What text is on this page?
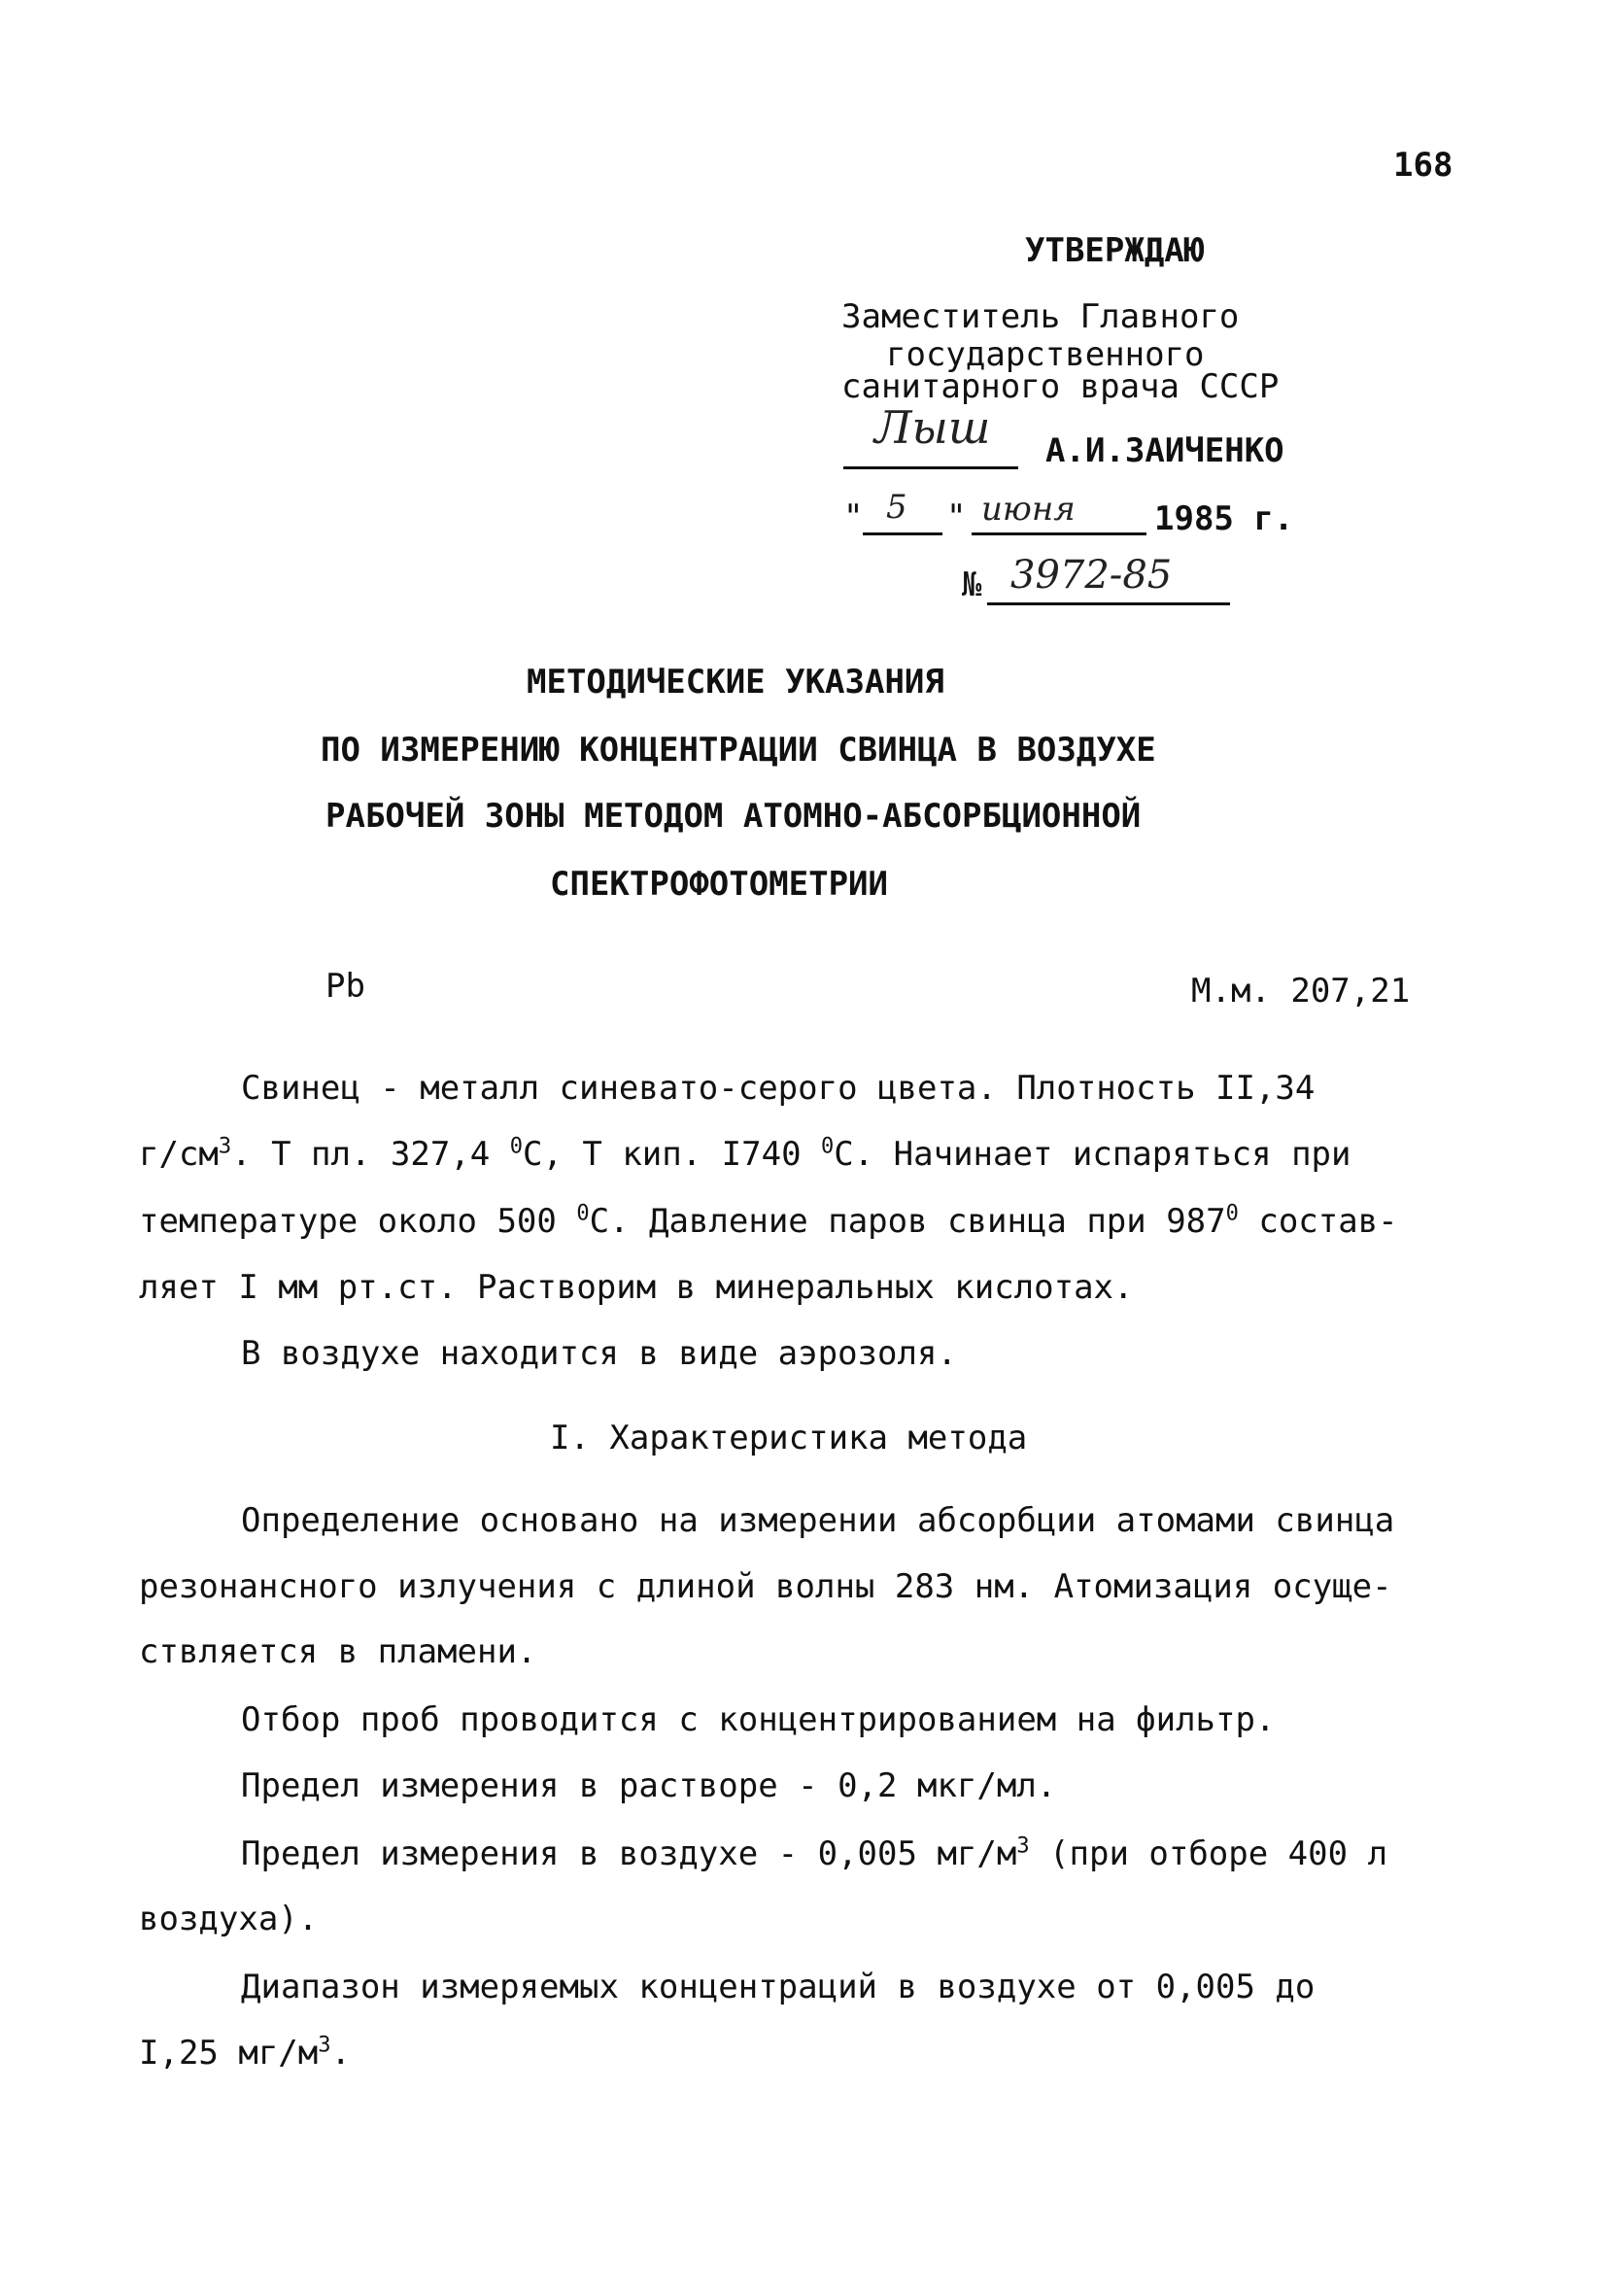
168
УТВЕРЖДАЮ
Заместитель Главного
государственного
санитарного врача СССР
Лыш А.И.ЗАИЧЕНКО
" 5 " июня 1985 г.
№ 3972-85
МЕТОДИЧЕСКИЕ УКАЗАНИЯ
ПО ИЗМЕРЕНИЮ КОНЦЕНТРАЦИИ СВИНЦА В ВОЗДУХЕ
РАБОЧЕЙ ЗОНЫ МЕТОДОМ АТОМНО-АБСОРБЦИОННОЙ
СПЕКТРОФОТОМЕТРИИ
Pb	М.м. 207,21
Свинец - металл синевато-серого цвета. Плотность II,34
$г/см^3$. Т пл. 327,4 $^0$C, Т кип. I740 $^0$C. Начинает испаряться при
температуре около 500 $^0$C. Давление паров свинца при $987^0$ состав-
ляет I мм рт.ст. Растворим в минеральных кислотах.
В воздухе находится в виде аэрозоля.
I. Характеристика метода
Определение основано на измерении абсорбции атомами свинца
резонансного излучения с длиной волны 283 нм. Атомизация осуще-
ствляется в пламени.
Отбор проб проводится с концентрированием на фильтр.
Предел измерения в растворе - 0,2 мкг/мл.
Предел измерения в воздухе - 0,005 $мг/м^3$ (при отборе 400 л
воздуха).
Диапазон измеряемых концентраций в воздухе от 0,005 до
I,25 $мг/м^3$.
